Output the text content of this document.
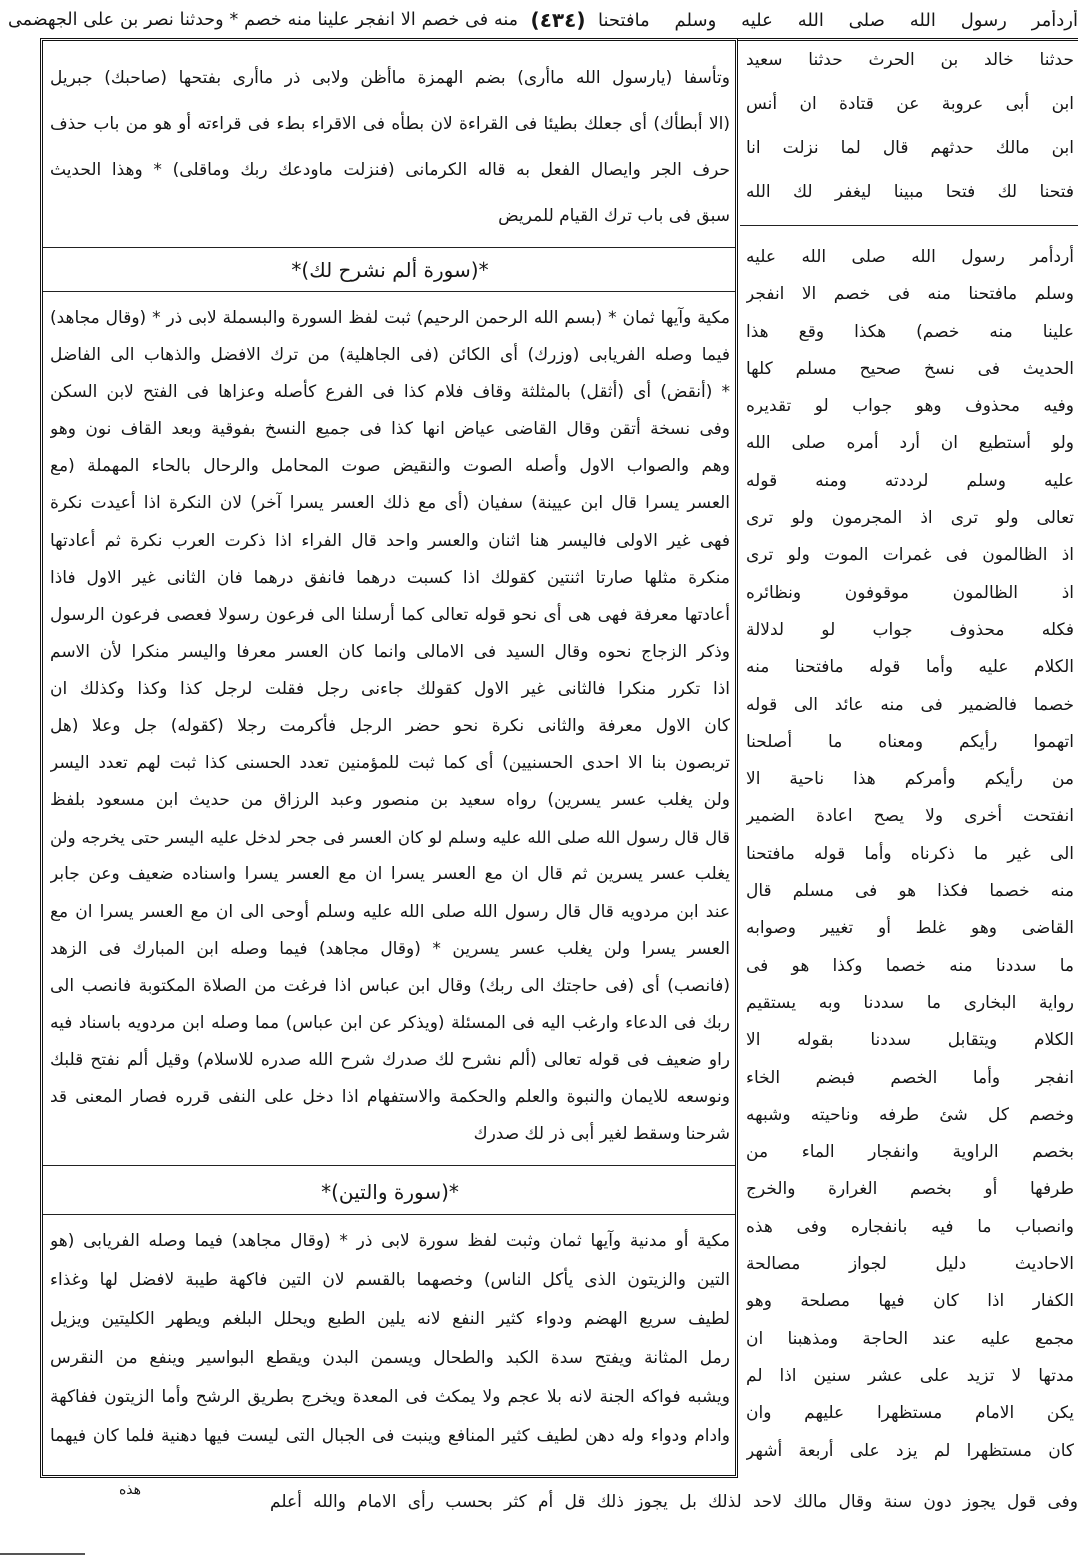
أردأمر رسول الله صلى الله عليه وسلم مافتحنا
(٤٣٤)
منه فى خصم الا انفجر علينا منه خصم * وحدثنا نصر بن على الجهضمى
وتأسفا (يارسول الله ماأرى) بضم الهمزة ماأظن ولابى ذر ماأرى بفتحها (صاحبك) جبريل
(الا أبطأك) أى جعلك بطيئا فى القراءة لان بطأه فى الاقراء بطء فى قراءته أو هو من باب حذف
حرف الجر وايصال الفعل به قاله الكرمانى (فنزلت ماودعك ربك وماقلى) * وهذا الحديث
سبق فى باب ترك القيام للمريض
*(سورة ألم نشرح لك)*
مكية وآيها ثمان * (بسم الله الرحمن الرحيم) ثبت لفظ السورة والبسملة لابى ذر * (وقال مجاهد)
فيما وصله الفريابى (وزرك) أى الكائن (فى الجاهلية) من ترك الافضل والذهاب الى الفاضل
* (أنقض) أى (أثقل) بالمثلثة وقاف فلام كذا فى الفرع كأصله وعزاها فى الفتح لابن السكن
وفى نسخة أتقن وقال القاضى عياض انها كذا فى جميع النسخ بفوقية وبعد القاف نون وهو
وهم والصواب الاول وأصله الصوت والنقيض صوت المحامل والرحال بالحاء المهملة (مع
العسر يسرا قال ابن عيينة) سفيان (أى مع ذلك العسر يسرا آخر) لان النكرة اذا أعيدت نكرة
فهى غير الاولى فاليسر هنا اثنان والعسر واحد قال الفراء اذا ذكرت العرب نكرة ثم أعادتها
منكرة مثلها صارتا اثنتين كقولك اذا كسبت درهما فانفق درهما فان الثانى غير الاول فاذا
أعادتها معرفة فهى هى أى نحو قوله تعالى كما أرسلنا الى فرعون رسولا فعصى فرعون الرسول
وذكر الزجاج نحوه وقال السيد فى الامالى وانما كان العسر معرفا واليسر منكرا لأن الاسم
اذا تكرر منكرا فالثانى غير الاول كقولك جاءنى رجل فقلت لرجل كذا وكذا وكذلك ان
كان الاول معرفة والثانى نكرة نحو حضر الرجل فأكرمت رجلا (كقوله) جل وعلا (هل
تربصون بنا الا احدى الحسنيين) أى كما ثبت للمؤمنين تعدد الحسنى كذا ثبت لهم تعدد اليسر
ولن يغلب عسر يسرين) رواه سعيد بن منصور وعبد الرزاق من حديث ابن مسعود بلفظ
قال قال رسول الله صلى الله عليه وسلم لو كان العسر فى جحر لدخل عليه اليسر حتى يخرجه ولن
يغلب عسر يسرين ثم قال ان مع العسر يسرا ان مع العسر يسرا واسناده ضعيف وعن جابر
عند ابن مردويه قال قال رسول الله صلى الله عليه وسلم أوحى الى ان مع العسر يسرا ان مع
العسر يسرا ولن يغلب عسر يسرين * (وقال مجاهد) فيما وصله ابن المبارك فى الزهد
(فانصب) أى (فى حاجتك الى ربك) وقال ابن عباس اذا فرغت من الصلاة المكتوبة فانصب الى
ربك فى الدعاء وارغب اليه فى المسئلة (ويذكر عن ابن عباس) مما وصله ابن مردويه باسناد فيه
راو ضعيف فى قوله تعالى (ألم نشرح لك صدرك شرح الله صدره للاسلام) وقيل ألم نفتح قلبك
ونوسعه للايمان والنبوة والعلم والحكمة والاستفهام اذا دخل على النفى قرره فصار المعنى قد
شرحنا وسقط لغير أبى ذر لك صدرك
*(سورة والتين)*
مكية أو مدنية وآيها ثمان وثبت لفظ سورة لابى ذر * (وقال مجاهد) فيما وصله الفريابى (هو
التين والزيتون الذى يأكل الناس) وخصهما بالقسم لان التين فاكهة طيبة لافضل لها وغذاء
لطيف سريع الهضم ودواء كثير النفع لانه يلين الطبع ويحلل البلغم ويطهر الكليتين ويزيل
رمل المثانة ويفتح سدة الكبد والطحال ويسمن البدن ويقطع البواسير وينفع من النقرس
ويشبه فواكه الجنة لانه بلا عجم ولا يمكث فى المعدة ويخرج بطريق الرشح وأما الزيتون ففاكهة
وادام ودواء وله دهن لطيف كثير المنافع وينبت فى الجبال التى ليست فيها دهنية فلما كان فيهما
حدثنا خالد بن الحرث حدثنا سعيد
ابن أبى عروبة عن قتادة ان أنس
ابن مالك حدثهم قال لما نزلت انا
فتحنا لك فتحا مبينا ليغفر لك الله
أردأمر رسول الله صلى الله عليه
وسلم مافتحنا منه فى خصم الا انفجر
علينا منه خصم) هكذا وقع هذا
الحديث فى نسخ صحيح مسلم كلها
وفيه محذوف وهو جواب لو تقديره
ولو أستطيع ان أرد أمره صلى الله
عليه وسلم لرددته ومنه قوله
تعالى ولو ترى اذ المجرمون ولو ترى
اذ الظالمون فى غمرات الموت ولو ترى
اذ الظالمون موقوفون ونظائره
فكله محذوف جواب لو لدلالة
الكلام عليه وأما قوله مافتحنا منه
خصما فالضمير فى منه عائد الى قوله
اتهموا رأيكم ومعناه ما أصلحنا
من رأيكم وأمركم هذا ناحية الا
انفتحت أخرى ولا يصح اعادة الضمير
الى غير ما ذكرناه وأما قوله مافتحنا
منه خصما فكذا هو فى مسلم قال
القاضى وهو غلط أو تغيير وصوابه
ما سددنا منه خصما وكذا هو فى
رواية البخارى ما سددنا وبه يستقيم
الكلام ويتقابل سددنا بقوله الا
انفجر وأما الخصم فبضم الخاء
وخصم كل شئ طرفه وناحيته وشبهه
بخصم الراوية وانفجار الماء من
طرفها أو بخصم الغرارة والخرج
وانصباب ما فيه بانفجاره وفى هذه
الاحاديث دليل لجواز مصالحة
الكفار اذا كان فيها مصلحة وهو
مجمع عليه عند الحاجة ومذهبنا ان
مدتها لا تزيد على عشر سنين اذا لم
يكن الامام مستظهرا عليهم وان
كان مستظهرا لم يزد على أربعة أشهر
وفى قول يجوز دون سنة وقال مالك لاحد لذلك بل يجوز ذلك قل أم كثر بحسب رأى الامام والله أعلم
هذه
